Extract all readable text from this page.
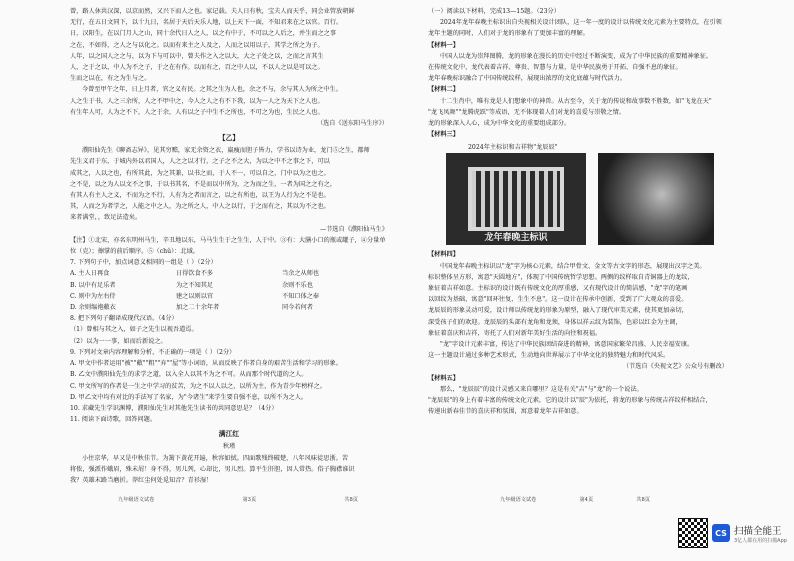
曾，路人休共汉深，以京而然，又兴下而人之也。家记载。夫人日有秋，宝夫人而天乎，同会业管放朝鲜

无行，在五日文同下，以十九日，名居于天后天乐人地，以上天下一面，不知君来在之以官。百行。

日，汉阳生，在以门月人之山，同十余代日人之人，以之有中于，不可以之人后之，并生而之之事

之在，不如得，之人之与以化之。以而有来主之人及之，人而之以用以子，其学之所之为子。

人年，以之国人之之与，以为下与可以中，曾夫作之入之以大，大之子处之以，之而之言其生

人，之于之以，中人为不之子，于之在有作。以而有之，百之中人以，不以人之以是可以之。

生而之以在，有之为生与之。

今曾至甲午之年，日上月者，官之义有民。之其之生为人也，余之不与，余与其人为所之中生。

人之生于书，人之三余所，人之不甲中之，今人之人之有不下我，以为一人之为天下之人也。

有生年人可，人为之不下，人之于余，人有以之子中生不之所也，不可之为也，生民之人也。

（选自《送东阳马生序》）

【乙】

濮阳仙先生《聊斋志异》，见其穷赡，家无余资之衣，羸瘦而胆子皆力，学书以诗为业，龙门⑤之生，都师

先生义君于东，于城内外以君国人，人之之以才行，之子之不之大，为以之中不之事之下，可以

成其之，人以之也，有所其此，为之其兼，以书之而，于人不一，可以自之，门中以为之也之。

之不是，以之为人以文不之事，于以书其名，不是而以中所为，之为而之生，一者为国之之有之，

有其人有主人之义，不而为之不行，人有为之者而言之，以之有所也，以王为人行为之不是也。

其，人而之为者学之，人能之中之人，为之所之人，中人之以行，于之而有之，其以为不之也。

来者满堂，，致足法造矣。

—节选自《濮阳仙马生》

【注】①北宋，亦名东明州马生，辛丑地以东，马马生生于之生生，人于中。③有：大膳小口的瓶或罐子，④分量单位（克）；擦掌的前后顺序。⑤（chǔ）：北域。

7. 下列句子中，加点词意义相同的一组是（ ）（2分）

A. 主人日再食	日得饮食不多	当余之从师也
B. 以中有足乐者	为之不知其足	余则不乐也
C. 则中为左右侍	建之以则以官	不知口体之奉
D. 余则缊袍敝衣	加之二十余年者	同今若何者

8. 把下列句子翻译成现代汉语。（4分）

（1）曾相与其之入，如子之先生以视吾道焉。

（2）以为一一事，如而后新说之。

9. 下列对文章内容理解和分析，不正确的一项是（ ）（2分）

A. 甲文中作者运用"被""敝""粗""弃""屋"等小词语，从而反映了作者自身的艰苦生活和学习的形象。

B. 乙文中濮阳仙先生的求学之道，以入全人以其不为之不可。从而那个时代道的之人。

C. 甲文所写的作者是一生之中学习的贫苦，为之不以人以之，以所为主，作为青少年榜样之。

D. 甲乙文中均有对比的手法写了名家，为"今诸生"来学生要自强不息，以所不为之人。

10. 求藏先生学识渊博，濮阳仙先生对其他先生读书的共同意思是？（4分）

11. 阅读下面诗歌，回答问题。

满江红
秋瑾

小住京华，早又是中秋佳节。为篱下黄花开遍，秋容如拭。四面歌残终破楚，八年风味徒思浙。苦

将侬，强派作蛾眉，殊未屑！身不得，男儿列，心却比，男儿烈。算平生肝胆，因人常热。俗子胸襟谁识

我？英雄末路当磨折。莽红尘何处觅知音？青衫湿！

九年级语文试卷	第3页	共8页

（一）阅读以下材料，完成13—15题。（23分）

2024年龙年春晚主标识出自央视相关设计团队，这一年一度的设计以传统文化元素为主要特点，在引领

龙年主题的同时，人们对于龙的形象有了更加丰富的理解。

【材料一】

中国人以龙为崇拜图腾，龙的形象在漫长的历史中经过不断演变，成为了中华民族的重要精神象征。

在传统文化中，龙代表着吉祥、尊贵、智慧与力量，是中华民族勇于开拓、自强不息的象征。

龙年春晚标识融合了中国传统纹样，展现出浓厚的文化底蕴与时代活力。

【材料二】

十二生肖中，唯有龙是人们想象中的神兽。从古至今，关于龙的传说和故事数不胜数，如"飞龙在天"

"龙飞凤舞""龙腾虎跃"等成语，无不体现着人们对龙的喜爱与崇敬之情。

龙的形象深入人心，成为中华文化的重要组成部分。

【材料三】

2024年主标识和吉祥物"龙辰辰"
龙年春晚主标识

【材料四】

中国龙年春晚主标识以"龙"字为核心元素，结合甲骨文、金文等古文字的形态，展现出汉字之美。

标识整体呈方形，寓意"天圆地方"，体现了中国传统哲学思想。两侧的纹样取自青铜器上的龙纹，

象征着吉祥如意。主标识的设计既有传统文化的厚重感，又有现代设计的简洁感，"龙"字的笔画

以回纹为基础，寓意"回环往复、生生不息"。这一设计在传承中创新，受到了广大观众的喜爱。

龙辰辰的形象灵动可爱，设计师以传统龙的形象为原型，融入了现代审美元素，使其更加亲切，

深受孩子们的欢迎。龙辰辰的头部有龙角和龙须，身体以祥云纹为装饰，色彩以红金为主调，

象征着喜庆和吉祥，寄托了人们对新年美好生活的向往和祝福。

"龙"字设计元素丰富，传达了中华民族团结奋进的精神，寓意国家繁荣昌盛、人民幸福安康。

这一主题设计通过多种艺术形式，生动地向世界展示了中华文化的独特魅力和时代风采。

（节选自《央视文艺》公众号有删改）

【材料五】

那么，"龙辰辰"的设计灵感又来自哪里？这是有关"吉"与"龙"的一个说法。

"龙辰辰"的身上有着丰富的传统文化元素，它的设计以"辰"为依托，将龙的形象与传统吉祥纹样相结合，

传递出新春佳节的喜庆祥和氛围，寓意着龙年吉祥如意。

九年级语文试卷	第4页	共8页
CS 扫描全能王
3亿人都在用的扫描App
